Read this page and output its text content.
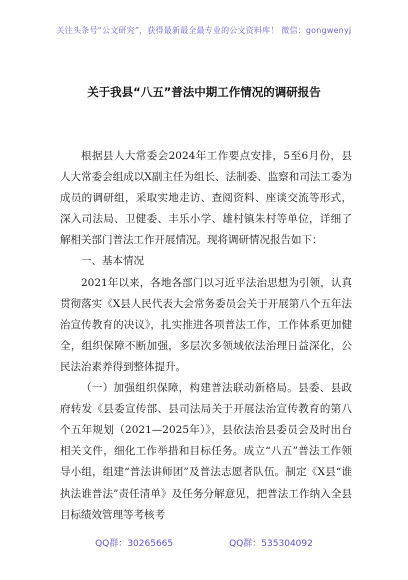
关注头条号“公文研究”，获得最新最全最专业的公文资料库！ 微信：gongwenyj
关于我县“八五”普法中期工作情况的调研报告

根据县人大常委会2024年工作要点安排，5至6月份，县人大常委会组成以X副主任为组长、法制委、监察和司法工委为成员的调研组，采取实地走访、查阅资料、座谈交流等形式，深入司法局、卫健委、丰乐小学、雄村镇朱村等单位，详细了解相关部门普法工作开展情况。现将调研情况报告如下：

一、基本情况

2021年以来，各地各部门以习近平法治思想为引领，认真贯彻落实《X县人民代表大会常务委员会关于开展第八个五年法治宣传教育的决议》，扎实推进各项普法工作，工作体系更加健全，组织保障不断加强，多层次多领域依法治理日益深化，公民法治素养得到整体提升。

（一）加强组织保障，构建普法联动新格局。县委、县政府转发《县委宣传部、县司法局关于开展法治宣传教育的第八个五年规划（2021—2025年）》，县依法治县委员会及时出台相关文件，细化工作举措和目标任务。成立“八五”普法工作领导小组，组建“普法讲师团”及普法志愿者队伍。制定《X县“谁执法谁普法”责任清单》及任务分解意见，把普法工作纳入全县目标绩效管理等考核考

QQ群：30265665	QQ群：535304092
